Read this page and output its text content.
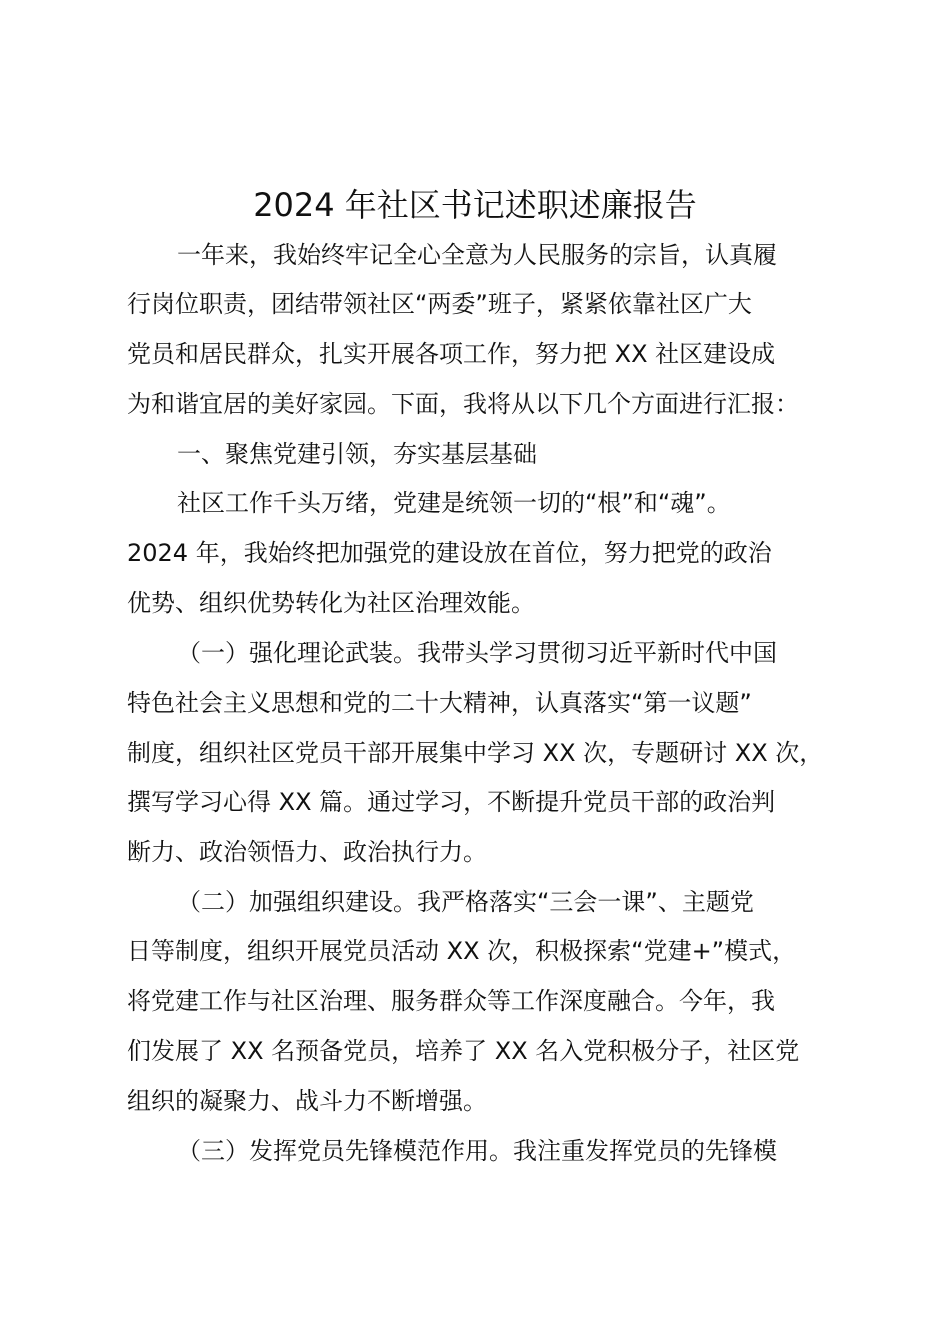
2024 年社区书记述职述廉报告
一年来，我始终牢记全心全意为人民服务的宗旨，认真履
行岗位职责，团结带领社区“两委”班子，紧紧依靠社区广大
党员和居民群众，扎实开展各项工作，努力把 XX 社区建设成
为和谐宜居的美好家园。下面，我将从以下几个方面进行汇报：
一、聚焦党建引领，夯实基层基础
社区工作千头万绪，党建是统领一切的“根”和“魂”。
2024 年，我始终把加强党的建设放在首位，努力把党的政治
优势、组织优势转化为社区治理效能。
（一）强化理论武装。我带头学习贯彻习近平新时代中国
特色社会主义思想和党的二十大精神，认真落实“第一议题”
制度，组织社区党员干部开展集中学习 XX 次，专题研讨 XX 次，
撰写学习心得 XX 篇。通过学习，不断提升党员干部的政治判
断力、政治领悟力、政治执行力。
（二）加强组织建设。我严格落实“三会一课”、主题党
日等制度，组织开展党员活动 XX 次，积极探索“党建+”模式，
将党建工作与社区治理、服务群众等工作深度融合。今年，我
们发展了 XX 名预备党员，培养了 XX 名入党积极分子，社区党
组织的凝聚力、战斗力不断增强。
（三）发挥党员先锋模范作用。我注重发挥党员的先锋模
